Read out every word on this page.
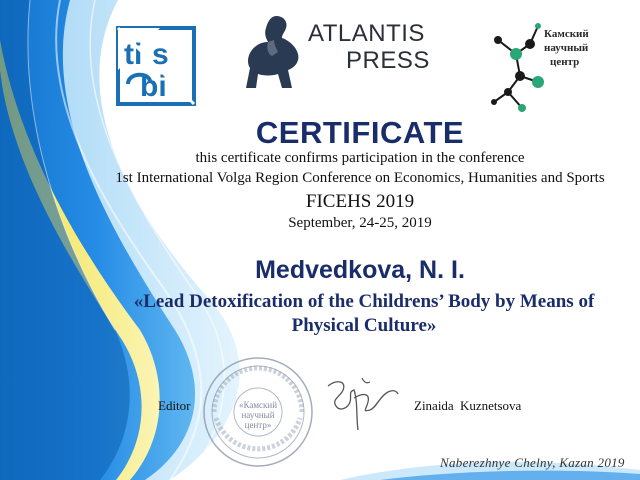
ti s
bi
ATLANTIS
PRESS
Камский
научный
центр
CERTIFICATE
this certificate confirms participation in the conference
1st International Volga Region Conference on Economics, Humanities and Sports
FICEHS 2019
September, 24-25, 2019
Medvedkova, N. I.
«Lead Detoxification of the Childrens’ Body by Means of Physical Culture»
«Камский
научный
центр»
Editor	Zinaida Kuznetsova
Naberezhnye Chelny, Kazan 2019
